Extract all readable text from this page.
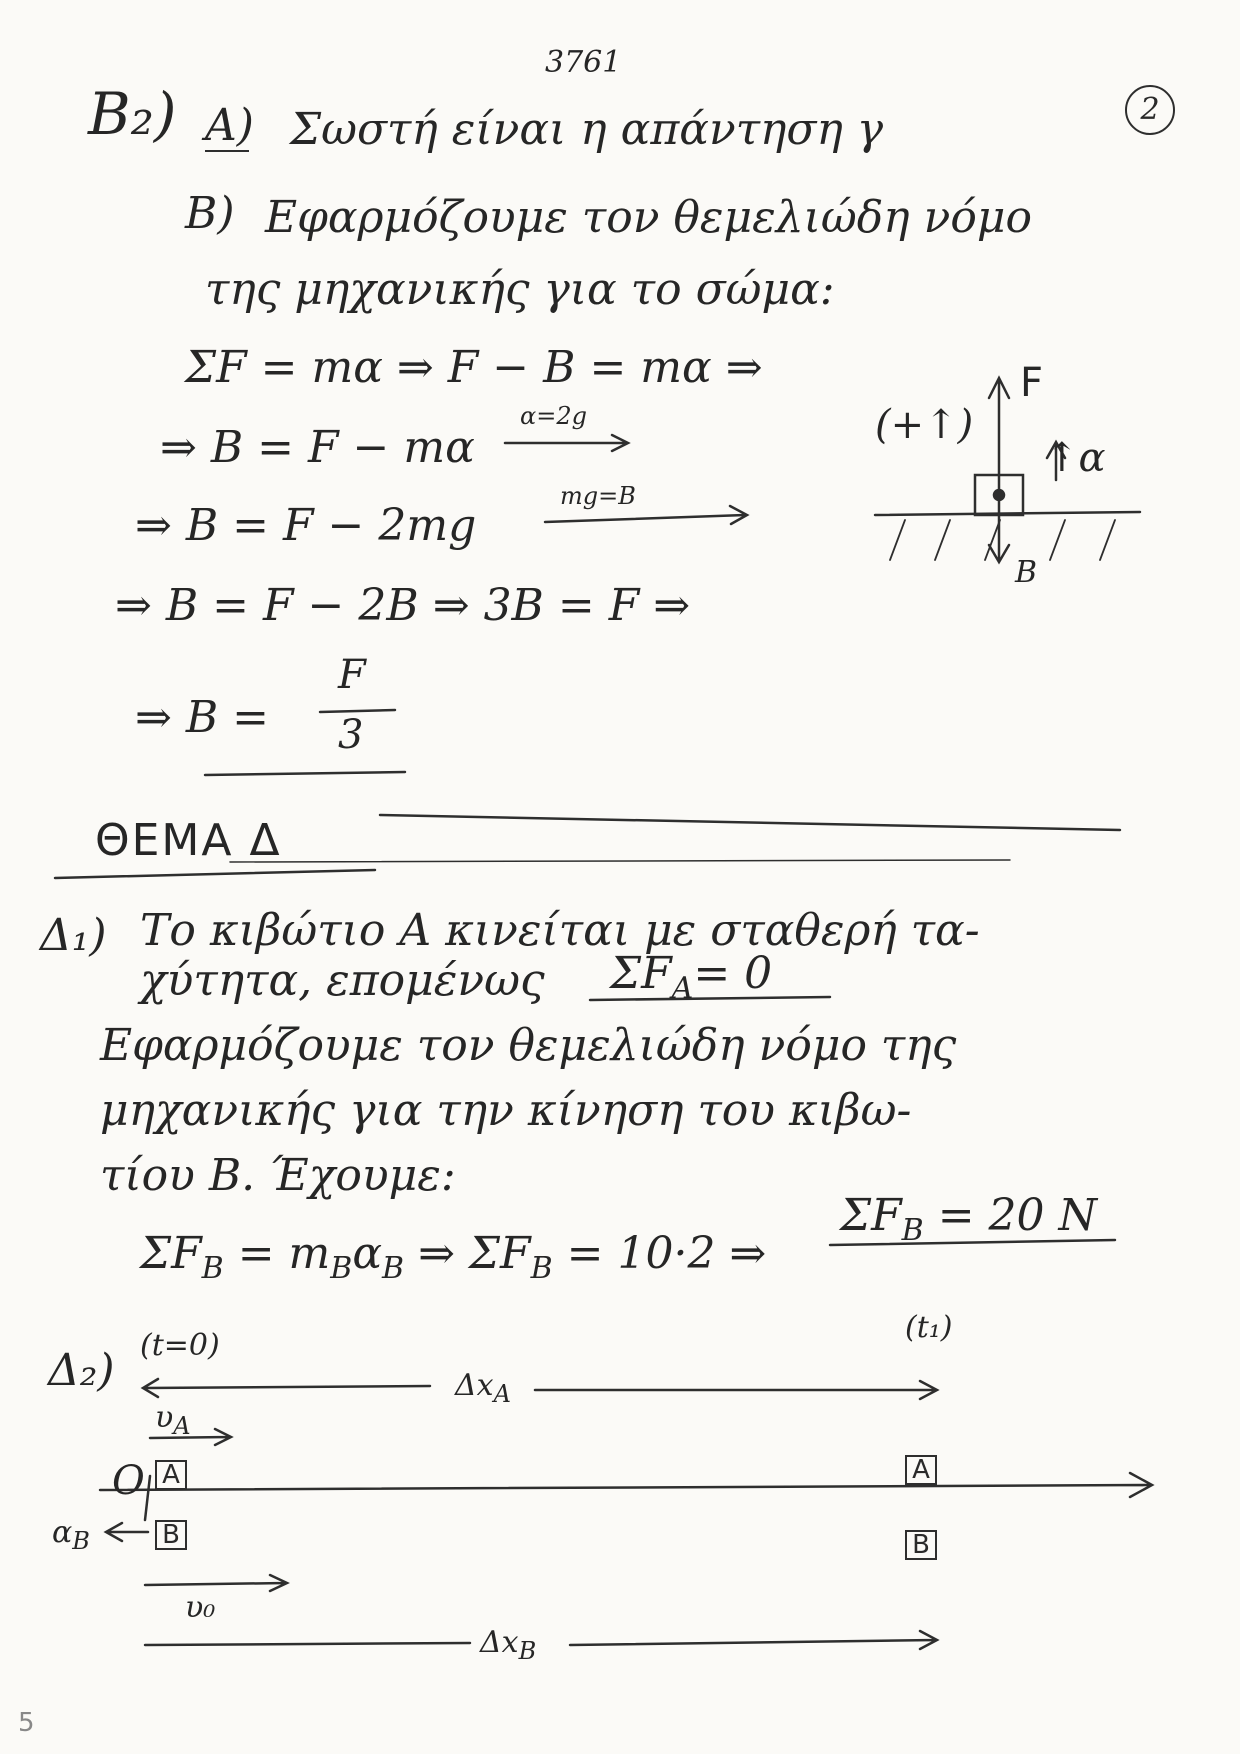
3761
2
B₂) A) Σωστή είναι η απάντηση γ
B) Εφαρμόζουμε τον θεμελιώδη νόμο
της μηχανικής για το σώμα:
ΣF = mα ⇒ F − B = mα ⇒
⇒ B = F − mα
α=2g
⇒ B = F − 2mg
mg=B
⇒ B = F − 2B ⇒ 3B = F ⇒
⇒ B =
F
3
(+↑)
F
↑α
B
ΘΕΜΑ Δ
Δ₁) Το κιβώτιο A κινείται με σταθερή τα-
χύτητα, επομένως $\Sigma F_A= 0$
Εφαρμόζουμε τον θεμελιώδη νόμο της
μηχανικής για την κίνηση του κιβω-
τίου B. Έχουμε:
$\Sigma F_B = m_B\alpha_B$ ⇒ $\Sigma F_B = 10\cdot 2$ ⇒
$\Sigma F_B = 20$ N
Δ₂) (t=0)
(t₁)
$\Delta x_A$
$\upsilon_A$
O A
B
A
B
$\alpha_B$
υ₀
$\Delta x_B$
5
